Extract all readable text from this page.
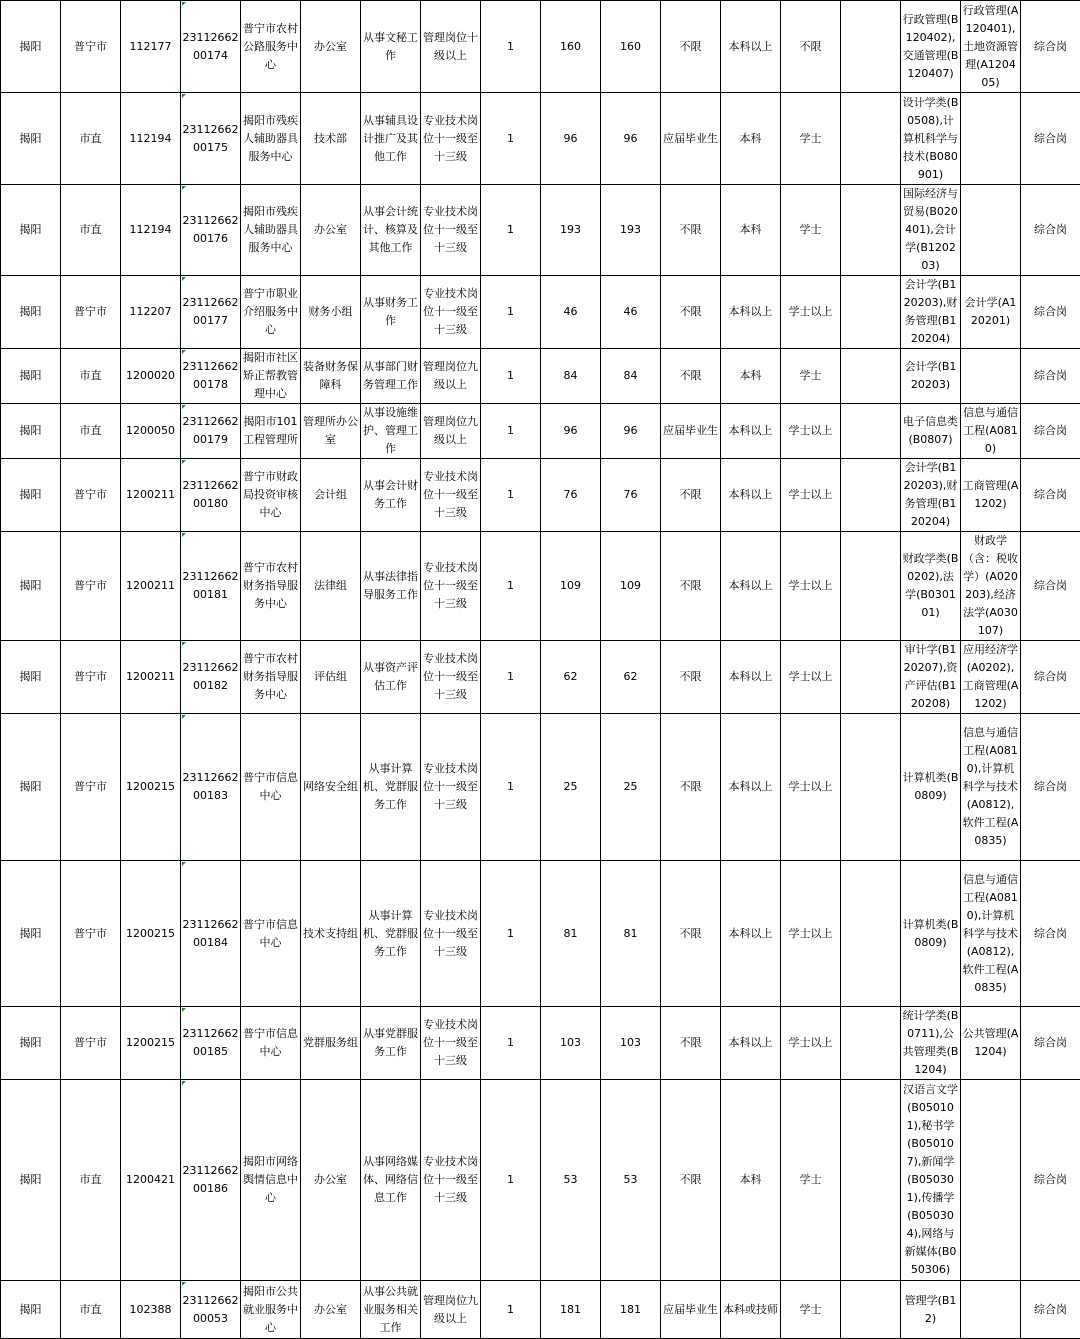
揭阳	普宁市	112177	2311266200174	普宁市农村公路服务中心	办公室	从事文秘工作	管理岗位十级以上	1	160	160	不限	本科以上	不限		行政管理(B120402),交通管理(B120407)	行政管理(A120401),土地资源管理(A120405)	综合岗
揭阳	市直	112194	2311266200175	揭阳市残疾人辅助器具服务中心	技术部	从事辅具设计推广及其他工作	专业技术岗位十一级至十三级	1	96	96	应届毕业生	本科	学士		设计学类(B0508),计算机科学与技术(B080901)		综合岗
揭阳	市直	112194	2311266200176	揭阳市残疾人辅助器具服务中心	办公室	从事会计统计、核算及其他工作	专业技术岗位十一级至十三级	1	193	193	不限	本科	学士		国际经济与贸易(B020401),会计学(B120203)		综合岗
揭阳	普宁市	112207	2311266200177	普宁市职业介绍服务中心	财务小组	从事财务工作	专业技术岗位十一级至十三级	1	46	46	不限	本科以上	学士以上		会计学(B120203),财务管理(B120204)	会计学(A120201)	综合岗
揭阳	市直	1200020	2311266200178	揭阳市社区矫正帮教管理中心	装备财务保障科	从事部门财务管理工作	管理岗位九级以上	1	84	84	不限	本科	学士		会计学(B120203)		综合岗
揭阳	市直	1200050	2311266200179	揭阳市101工程管理所	管理所办公室	从事设施维护、管理工作	管理岗位九级以上	1	96	96	应届毕业生	本科以上	学士以上		电子信息类(B0807)	信息与通信工程(A0810)	综合岗
揭阳	普宁市	1200211	2311266200180	普宁市财政局投资审核中心	会计组	从事会计财务工作	专业技术岗位十一级至十三级	1	76	76	不限	本科以上	学士以上		会计学(B120203),财务管理(B120204)	工商管理(A1202)	综合岗
揭阳	普宁市	1200211	2311266200181	普宁市农村财务指导服务中心	法律组	从事法律指导服务工作	专业技术岗位十一级至十三级	1	109	109	不限	本科以上	学士以上		财政学类(B0202),法学(B030101)	财政学（含：税收学）(A020203),经济法学(A030107)	综合岗
揭阳	普宁市	1200211	2311266200182	普宁市农村财务指导服务中心	评估组	从事资产评估工作	专业技术岗位十一级至十三级	1	62	62	不限	本科以上	学士以上		审计学(B120207),资产评估(B120208)	应用经济学(A0202),工商管理(A1202)	综合岗
揭阳	普宁市	1200215	2311266200183	普宁市信息中心	网络安全组	从事计算机、党群服务工作	专业技术岗位十一级至十三级	1	25	25	不限	本科以上	学士以上		计算机类(B0809)	信息与通信工程(A0810),计算机科学与技术(A0812),软件工程(A0835)	综合岗
揭阳	普宁市	1200215	2311266200184	普宁市信息中心	技术支持组	从事计算机、党群服务工作	专业技术岗位十一级至十三级	1	81	81	不限	本科以上	学士以上		计算机类(B0809)	信息与通信工程(A0810),计算机科学与技术(A0812),软件工程(A0835)	综合岗
揭阳	普宁市	1200215	2311266200185	普宁市信息中心	党群服务组	从事党群服务工作	专业技术岗位十一级至十三级	1	103	103	不限	本科以上	学士以上		统计学类(B0711),公共管理类(B1204)	公共管理(A1204)	综合岗
揭阳	市直	1200421	2311266200186	揭阳市网络舆情信息中心	办公室	从事网络媒体、网络信息工作	专业技术岗位十一级至十三级	1	53	53	不限	本科	学士		汉语言文学(B050101),秘书学(B050107),新闻学(B050301),传播学(B050304),网络与新媒体(B050306)		综合岗
揭阳	市直	102388	2311266200053	揭阳市公共就业服务中心	办公室	从事公共就业服务相关工作	管理岗位九级以上	1	181	181	应届毕业生	本科或技师	学士		管理学(B12)		综合岗
